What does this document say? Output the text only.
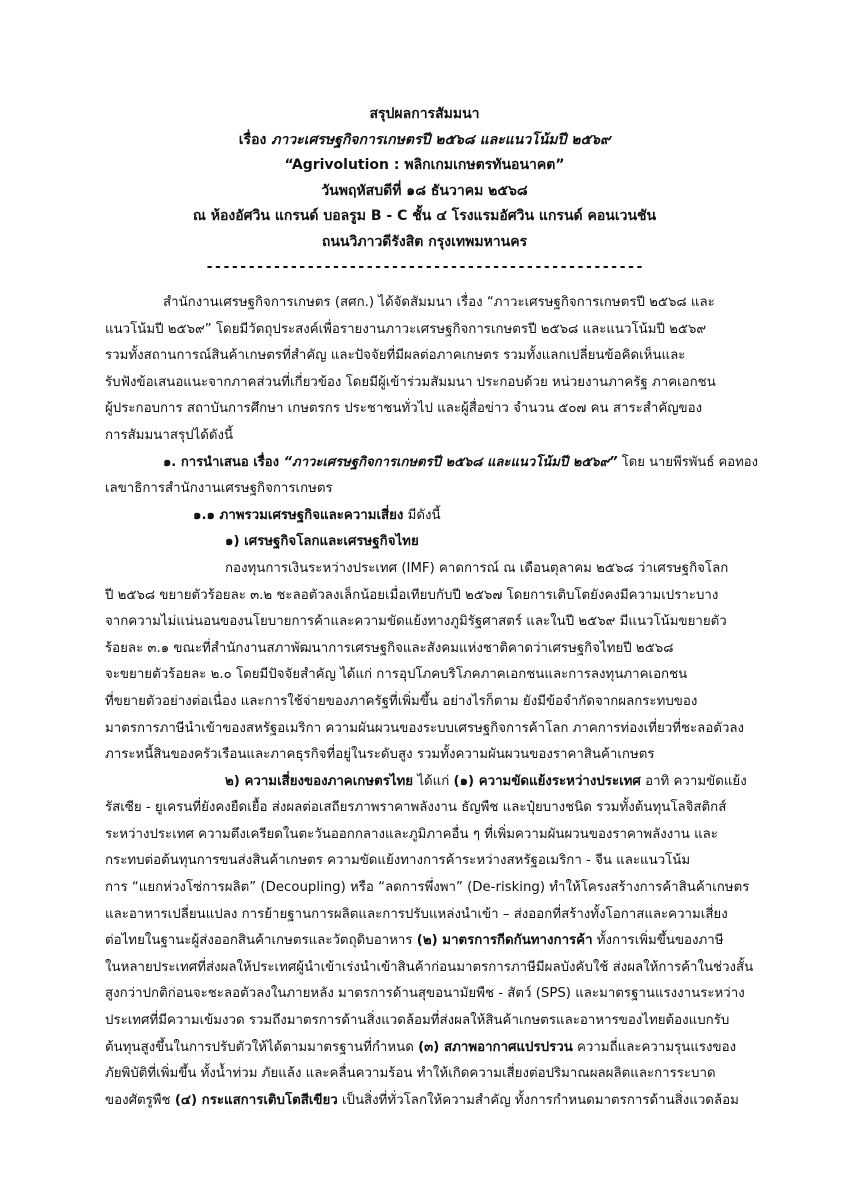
สรุปผลการสัมมนา
เรื่อง ภาวะเศรษฐกิจการเกษตรปี ๒๕๖๘ และแนวโน้มปี ๒๕๖๙
“Agrivolution : พลิกเกมเกษตรทันอนาคต”
วันพฤหัสบดีที่ ๑๘ ธันวาคม ๒๕๖๘
ณ ห้องอัศวิน แกรนด์ บอลรูม B - C ชั้น ๔ โรงแรมอัศวิน แกรนด์ คอนเวนชัน
ถนนวิภาวดีรังสิต กรุงเทพมหานคร
----------------------------------------------------
สำนักงานเศรษฐกิจการเกษตร (สศก.) ได้จัดสัมมนา เรื่อง “ภาวะเศรษฐกิจการเกษตรปี ๒๕๖๘ และ
แนวโน้มปี ๒๕๖๙” โดยมีวัตถุประสงค์เพื่อรายงานภาวะเศรษฐกิจการเกษตรปี ๒๕๖๘ และแนวโน้มปี ๒๕๖๙
รวมทั้งสถานการณ์สินค้าเกษตรที่สำคัญ และปัจจัยที่มีผลต่อภาคเกษตร รวมทั้งแลกเปลี่ยนข้อคิดเห็นและ
รับฟังข้อเสนอแนะจากภาคส่วนที่เกี่ยวข้อง โดยมีผู้เข้าร่วมสัมมนา ประกอบด้วย หน่วยงานภาครัฐ ภาคเอกชน
ผู้ประกอบการ สถาบันการศึกษา เกษตรกร ประชาชนทั่วไป และผู้สื่อข่าว จำนวน ๕๐๗ คน สาระสำคัญของ
การสัมมนาสรุปได้ดังนี้
๑. การนำเสนอ เรื่อง “ภาวะเศรษฐกิจการเกษตรปี ๒๕๖๘ และแนวโน้มปี ๒๕๖๙” โดย นายพีรพันธ์ คอทอง
เลขาธิการสำนักงานเศรษฐกิจการเกษตร
๑.๑ ภาพรวมเศรษฐกิจและความเสี่ยง มีดังนี้
๑) เศรษฐกิจโลกและเศรษฐกิจไทย
กองทุนการเงินระหว่างประเทศ (IMF) คาดการณ์ ณ เดือนตุลาคม ๒๕๖๘ ว่าเศรษฐกิจโลก
ปี ๒๕๖๘ ขยายตัวร้อยละ ๓.๒ ชะลอตัวลงเล็กน้อยเมื่อเทียบกับปี ๒๕๖๗ โดยการเติบโตยังคงมีความเปราะบาง
จากความไม่แน่นอนของนโยบายการค้าและความขัดแย้งทางภูมิรัฐศาสตร์ และในปี ๒๕๖๙ มีแนวโน้มขยายตัว
ร้อยละ ๓.๑ ขณะที่สำนักงานสภาพัฒนาการเศรษฐกิจและสังคมแห่งชาติคาดว่าเศรษฐกิจไทยปี ๒๕๖๘
จะขยายตัวร้อยละ ๒.๐ โดยมีปัจจัยสำคัญ ได้แก่ การอุปโภคบริโภคภาคเอกชนและการลงทุนภาคเอกชน
ที่ขยายตัวอย่างต่อเนื่อง และการใช้จ่ายของภาครัฐที่เพิ่มขึ้น อย่างไรก็ตาม ยังมีข้อจำกัดจากผลกระทบของ
มาตรการภาษีนำเข้าของสหรัฐอเมริกา ความผันผวนของระบบเศรษฐกิจการค้าโลก ภาคการท่องเที่ยวที่ชะลอตัวลง
ภาระหนี้สินของครัวเรือนและภาคธุรกิจที่อยู่ในระดับสูง รวมทั้งความผันผวนของราคาสินค้าเกษตร
๒) ความเสี่ยงของภาคเกษตรไทย ได้แก่ (๑) ความขัดแย้งระหว่างประเทศ อาทิ ความขัดแย้ง
รัสเซีย - ยูเครนที่ยังคงยืดเยื้อ ส่งผลต่อเสถียรภาพราคาพลังงาน ธัญพืช และปุ๋ยบางชนิด รวมทั้งต้นทุนโลจิสติกส์
ระหว่างประเทศ ความตึงเครียดในตะวันออกกลางและภูมิภาคอื่น ๆ ที่เพิ่มความผันผวนของราคาพลังงาน และ
กระทบต่อต้นทุนการขนส่งสินค้าเกษตร ความขัดแย้งทางการค้าระหว่างสหรัฐอเมริกา - จีน และแนวโน้ม
การ “แยกห่วงโซ่การผลิต” (Decoupling) หรือ “ลดการพึ่งพา” (De-risking) ทำให้โครงสร้างการค้าสินค้าเกษตร
และอาหารเปลี่ยนแปลง การย้ายฐานการผลิตและการปรับแหล่งนำเข้า – ส่งออกที่สร้างทั้งโอกาสและความเสี่ยง
ต่อไทยในฐานะผู้ส่งออกสินค้าเกษตรและวัตถุดิบอาหาร (๒) มาตรการกีดกันทางการค้า ทั้งการเพิ่มขึ้นของภาษี
ในหลายประเทศที่ส่งผลให้ประเทศผู้นำเข้าเร่งนำเข้าสินค้าก่อนมาตรการภาษีมีผลบังคับใช้ ส่งผลให้การค้าในช่วงสั้น
สูงกว่าปกติก่อนจะชะลอตัวลงในภายหลัง มาตรการด้านสุขอนามัยพืช - สัตว์ (SPS) และมาตรฐานแรงงานระหว่าง
ประเทศที่มีความเข้มงวด รวมถึงมาตรการด้านสิ่งแวดล้อมที่ส่งผลให้สินค้าเกษตรและอาหารของไทยต้องแบกรับ
ต้นทุนสูงขึ้นในการปรับตัวให้ได้ตามมาตรฐานที่กำหนด (๓) สภาพอากาศแปรปรวน ความถี่และความรุนแรงของ
ภัยพิบัติที่เพิ่มขึ้น ทั้งน้ำท่วม ภัยแล้ง และคลื่นความร้อน ทำให้เกิดความเสี่ยงต่อปริมาณผลผลิตและการระบาด
ของศัตรูพืช (๔) กระแสการเติบโตสีเขียว เป็นสิ่งที่ทั่วโลกให้ความสำคัญ ทั้งการกำหนดมาตรการด้านสิ่งแวดล้อม
